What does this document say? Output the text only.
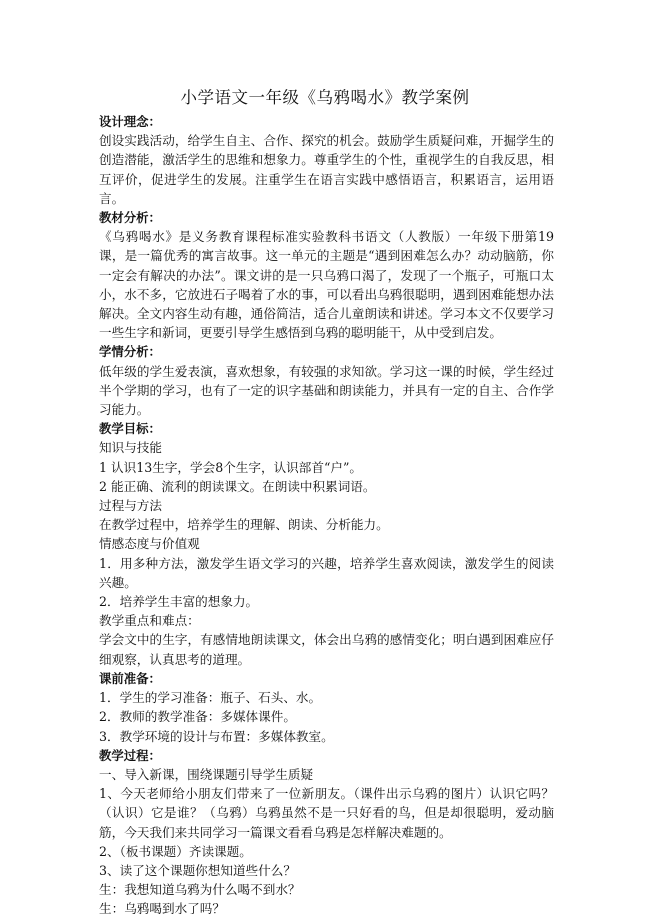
小学语文一年级《乌鸦喝水》教学案例

设计理念：

创设实践活动，给学生自主、合作、探究的机会。鼓励学生质疑问难，开掘学生的创造潜能，激活学生的思维和想象力。尊重学生的个性，重视学生的自我反思，相互评价，促进学生的发展。注重学生在语言实践中感悟语言，积累语言，运用语言。

教材分析：

《乌鸦喝水》是义务教育课程标准实验教科书语文（人教版）一年级下册第19课，是一篇优秀的寓言故事。这一单元的主题是“遇到困难怎么办？动动脑筋，你一定会有解决的办法”。课文讲的是一只乌鸦口渴了，发现了一个瓶子，可瓶口太小，水不多，它放进石子喝着了水的事，可以看出乌鸦很聪明，遇到困难能想办法解决。全文内容生动有趣，通俗简洁，适合儿童朗读和讲述。学习本文不仅要学习一些生字和新词，更要引导学生感悟到乌鸦的聪明能干，从中受到启发。

学情分析：

低年级的学生爱表演，喜欢想象，有较强的求知欲。学习这一课的时候，学生经过半个学期的学习，也有了一定的识字基础和朗读能力，并具有一定的自主、合作学习能力。

教学目标：

知识与技能

1 认识13生字，学会8个生字，认识部首“户”。

2 能正确、流利的朗读课文。在朗读中积累词语。

过程与方法

在教学过程中，培养学生的理解、朗读、分析能力。

情感态度与价值观

1．用多种方法，激发学生语文学习的兴趣，培养学生喜欢阅读，激发学生的阅读兴趣。

2．培养学生丰富的想象力。

教学重点和难点：

学会文中的生字，有感情地朗读课文，体会出乌鸦的感情变化；明白遇到困难应仔细观察，认真思考的道理。

课前准备：

1．学生的学习准备：瓶子、石头、水。

2．教师的教学准备：多媒体课件。

3．教学环境的设计与布置：多媒体教室。

教学过程：

一、导入新课，围绕课题引导学生质疑

1、今天老师给小朋友们带来了一位新朋友。（课件出示乌鸦的图片）认识它吗？（认识）它是谁？（乌鸦）乌鸦虽然不是一只好看的鸟，但是却很聪明，爱动脑筋，今天我们来共同学习一篇课文看看乌鸦是怎样解决难题的。

2、（板书课题）齐读课题。

3、读了这个课题你想知道些什么？

生：我想知道乌鸦为什么喝不到水？

生：乌鸦喝到水了吗？
